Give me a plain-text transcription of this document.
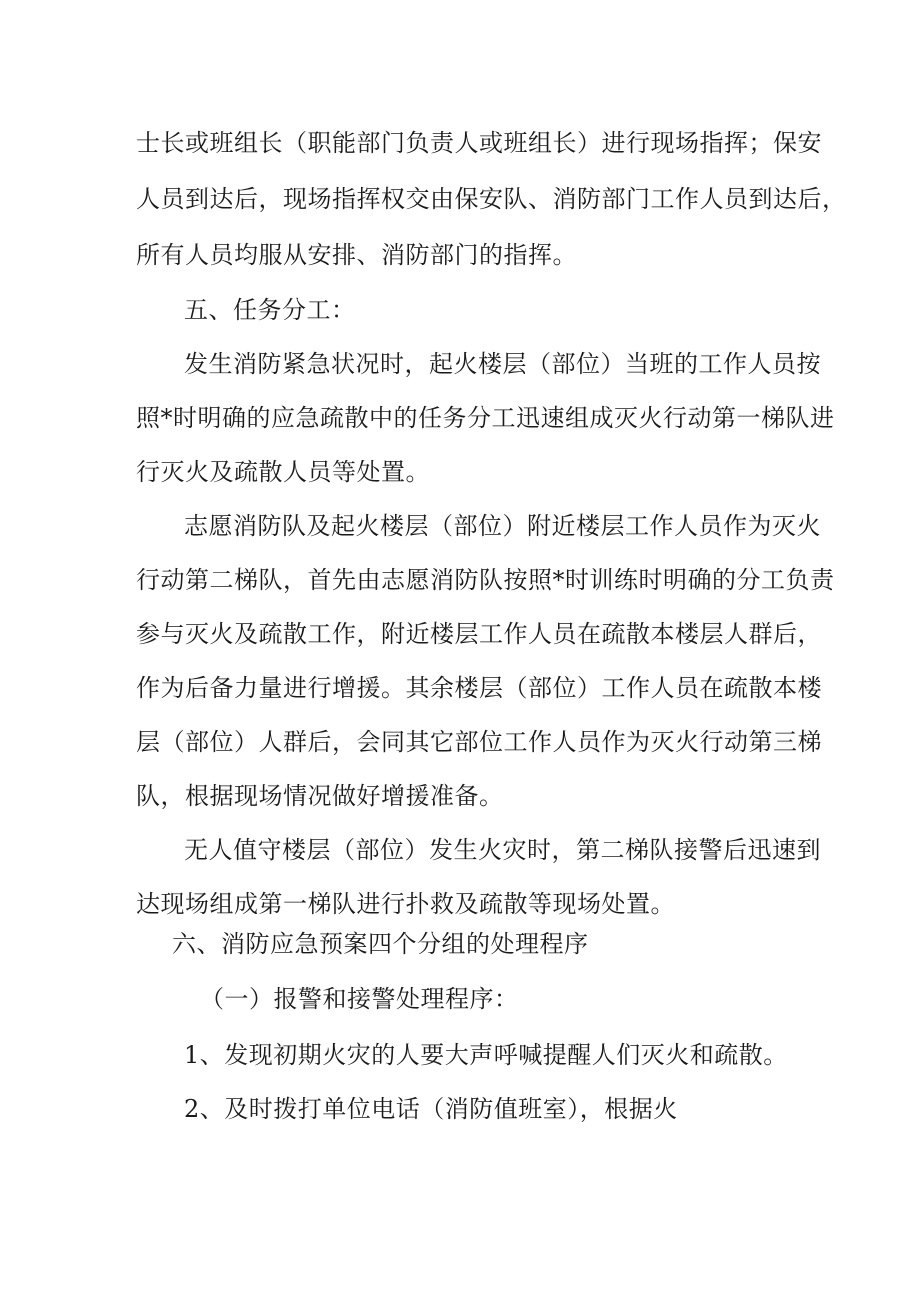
士长或班组长（职能部门负责人或班组长）进行现场指挥；保安
人员到达后，现场指挥权交由保安队、消防部门工作人员到达后，
所有人员均服从安排、消防部门的指挥。
五、任务分工：
发生消防紧急状况时，起火楼层（部位）当班的工作人员按
照*时明确的应急疏散中的任务分工迅速组成灭火行动第一梯队进
行灭火及疏散人员等处置。
志愿消防队及起火楼层（部位）附近楼层工作人员作为灭火
行动第二梯队，首先由志愿消防队按照*时训练时明确的分工负责
参与灭火及疏散工作，附近楼层工作人员在疏散本楼层人群后，
作为后备力量进行增援。其余楼层（部位）工作人员在疏散本楼
层（部位）人群后，会同其它部位工作人员作为灭火行动第三梯
队，根据现场情况做好增援准备。
无人值守楼层（部位）发生火灾时，第二梯队接警后迅速到
达现场组成第一梯队进行扑救及疏散等现场处置。
六、消防应急预案四个分组的处理程序
（一）报警和接警处理程序：
1、发现初期火灾的人要大声呼喊提醒人们灭火和疏散。
2、及时拨打单位电话（消防值班室），根据火
